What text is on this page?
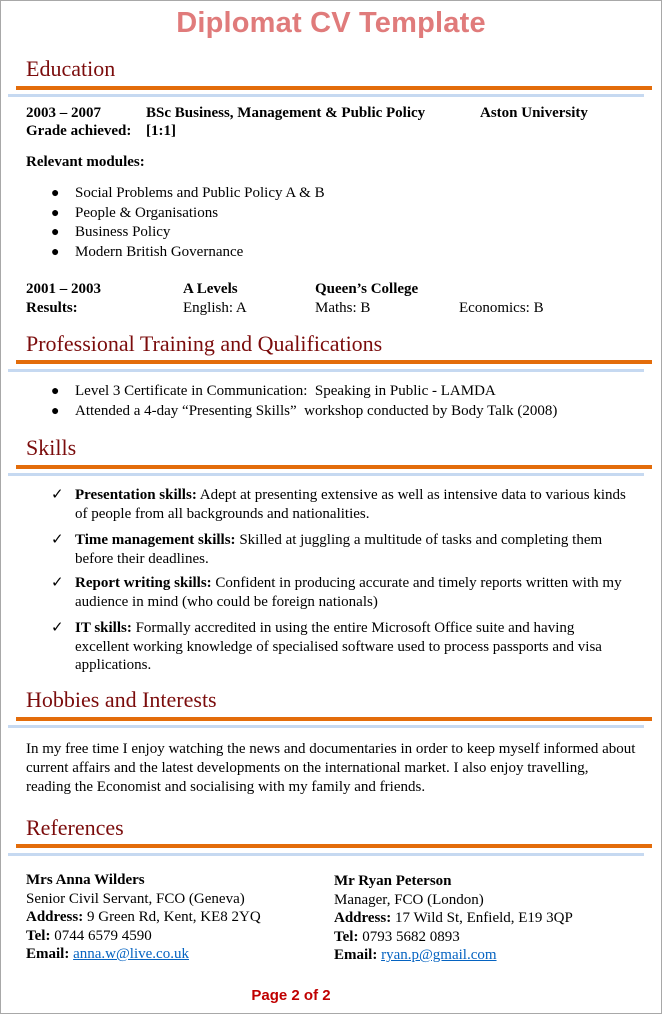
Diplomat CV Template
Education
2003 – 2007	BSc Business, Management & Public Policy	Aston University
Grade achieved: [1:1]
Relevant modules:
● Social Problems and Public Policy A & B
● People & Organisations
● Business Policy
● Modern British Governance
2001 – 2003	A Levels	Queen’s College
Results:	English: A	Maths: B	Economics: B
Professional Training and Qualifications
● Level 3 Certificate in Communication:  Speaking in Public - LAMDA
● Attended a 4-day “Presenting Skills”  workshop conducted by Body Talk (2008)
Skills
✓ Presentation skills: Adept at presenting extensive as well as intensive data to various kinds of people from all backgrounds and nationalities.
✓ Time management skills: Skilled at juggling a multitude of tasks and completing them before their deadlines.
✓ Report writing skills: Confident in producing accurate and timely reports written with my audience in mind (who could be foreign nationals)
✓ IT skills: Formally accredited in using the entire Microsoft Office suite and having excellent working knowledge of specialised software used to process passports and visa applications.
Hobbies and Interests
In my free time I enjoy watching the news and documentaries in order to keep myself informed about current affairs and the latest developments on the international market. I also enjoy travelling, reading the Economist and socialising with my family and friends.
References
Mrs Anna Wilders
Senior Civil Servant, FCO (Geneva)
Address: 9 Green Rd, Kent, KE8 2YQ
Tel: 0744 6579 4590
Email: anna.w@live.co.uk
Mr Ryan Peterson
Manager, FCO (London)
Address: 17 Wild St, Enfield, E19 3QP
Tel: 0793 5682 0893
Email: ryan.p@gmail.com
Page 2 of 2
